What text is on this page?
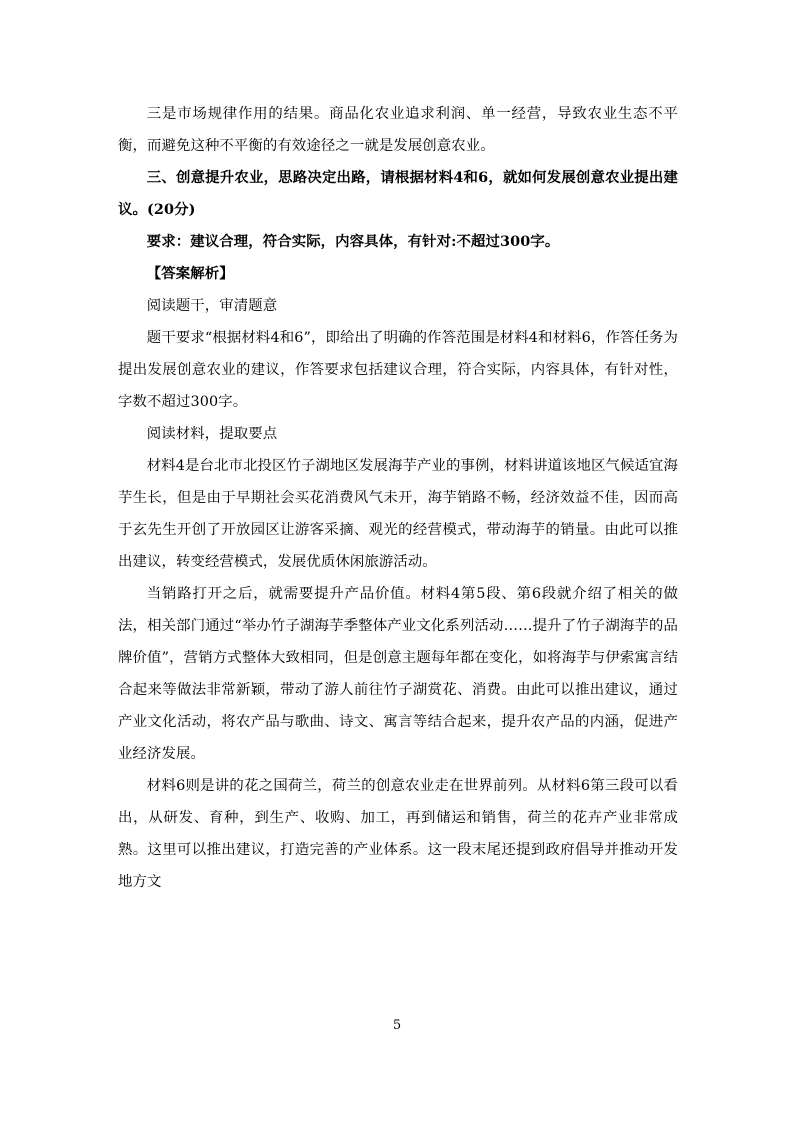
三是市场规律作用的结果。商品化农业追求利润、单一经营，导致农业生态不平衡，而避免这种不平衡的有效途径之一就是发展创意农业。

三、创意提升农业，思路决定出路，请根据材料4和6，就如何发展创意农业提出建议。(20分)

要求：建议合理，符合实际，内容具体，有针对:不超过300字。

【答案解析】

阅读题干，审清题意

题干要求“根据材料4和6”，即给出了明确的作答范围是材料4和材料6，作答任务为提出发展创意农业的建议，作答要求包括建议合理，符合实际，内容具体，有针对性，字数不超过300字。

阅读材料，提取要点

材料4是台北市北投区竹子湖地区发展海芋产业的事例，材料讲道该地区气候适宜海芋生长，但是由于早期社会买花消费风气未开，海芋销路不畅，经济效益不佳，因而高于玄先生开创了开放园区让游客采摘、观光的经营模式，带动海芋的销量。由此可以推出建议，转变经营模式，发展优质休闲旅游活动。

当销路打开之后，就需要提升产品价值。材料4第5段、第6段就介绍了相关的做法，相关部门通过“举办竹子湖海芋季整体产业文化系列活动……提升了竹子湖海芋的品牌价值”，营销方式整体大致相同，但是创意主题每年都在变化，如将海芋与伊索寓言结合起来等做法非常新颖，带动了游人前往竹子湖赏花、消费。由此可以推出建议，通过产业文化活动，将农产品与歌曲、诗文、寓言等结合起来，提升农产品的内涵，促进产业经济发展。

材料6则是讲的花之国荷兰，荷兰的创意农业走在世界前列。从材料6第三段可以看出，从研发、育种，到生产、收购、加工，再到储运和销售，荷兰的花卉产业非常成熟。这里可以推出建议，打造完善的产业体系。这一段末尾还提到政府倡导并推动开发地方文

5
